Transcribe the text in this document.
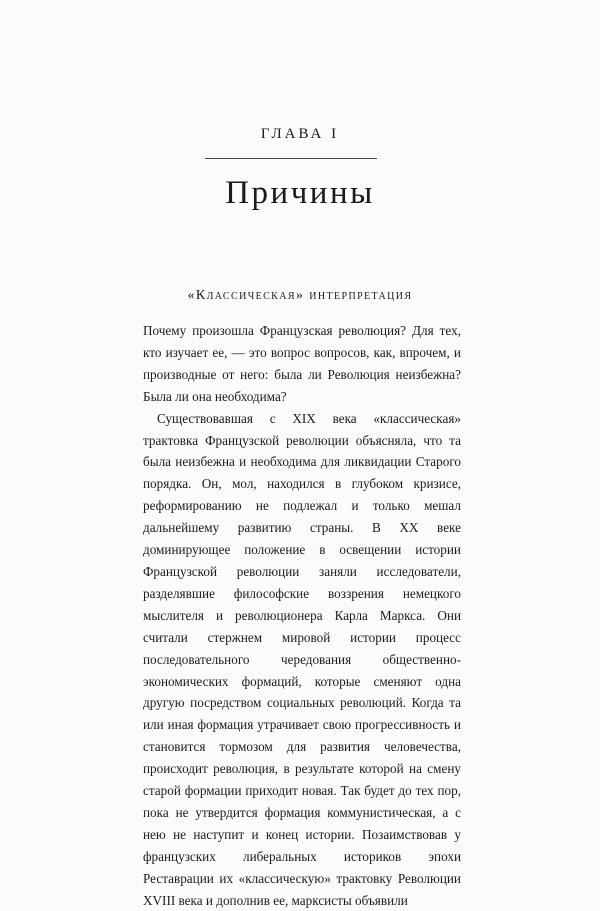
ГЛАВА I
Причины
«Классическая» интерпретация

Почему произошла Французская революция? Для тех, кто изучает ее, — это вопрос вопросов, как, впрочем, и производные от него: была ли Революция неизбежна? Была ли она необходима?

Существовавшая с XIX века «классическая» трактовка Французской революции объясняла, что та была неизбежна и необходима для ликвидации Старого порядка. Он, мол, находился в глубоком кризисе, реформированию не подлежал и только мешал дальнейшему развитию страны. В XX веке доминирующее положение в освещении истории Французской революции заняли исследователи, разделявшие философские воззрения немецкого мыслителя и революционера Карла Маркса. Они считали стержнем мировой истории процесс последовательного чередования общественно-экономических формаций, которые сменяют одна другую посредством социальных революций. Когда та или иная формация утрачивает свою прогрессивность и становится тормозом для развития человечества, происходит революция, в результате которой на смену старой формации приходит новая. Так будет до тех пор, пока не утвердится формация коммунистическая, а с нею не наступит и конец истории. Позаимствовав у французских либеральных историков эпохи Реставрации их «классическую» трактовку Революции XVIII века и дополнив ее, марксисты объявили
